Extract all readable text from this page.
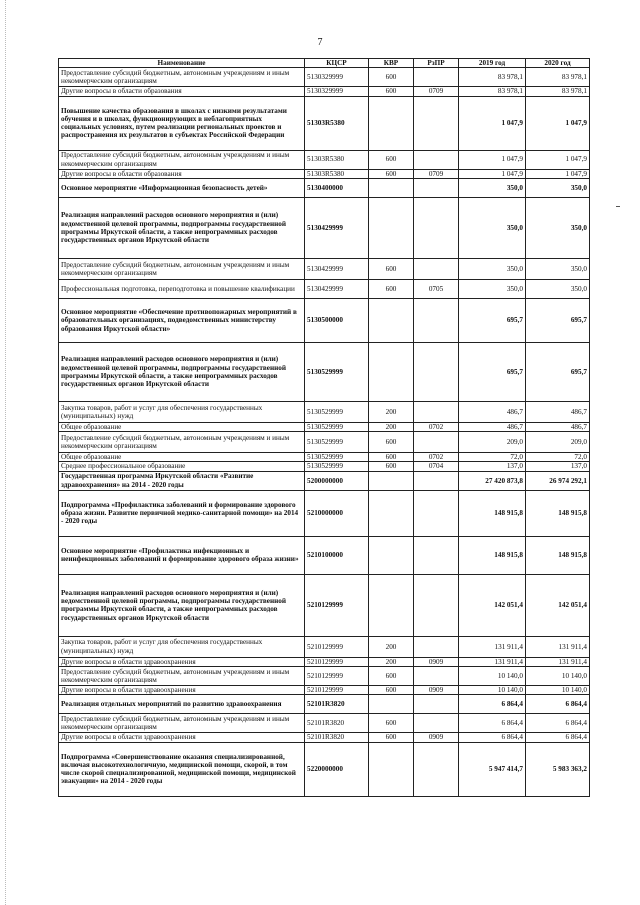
7
Наименование	КЦСР	КВР	РзПР	2019 год	2020 год
Предоставление субсидий бюджетным, автономным учреждениям и иным некоммерческим организациям	5130329999	600		83 978,1	83 978,1
Другие вопросы в области образования	5130329999	600	0709	83 978,1	83 978,1
Повышение качества образования в школах с низкими результатами обучения и в школах, функционирующих в неблагоприятных социальных условиях, путем реализации региональных проектов и распространения их результатов в субъектах Российской Федерации	51303R5380			1 047,9	1 047,9
Предоставление субсидий бюджетным, автономным учреждениям и иным некоммерческим организациям	51303R5380	600		1 047,9	1 047,9
Другие вопросы в области образования	51303R5380	600	0709	1 047,9	1 047,9
Основное мероприятие «Информационная безопасность детей»	5130400000			350,0	350,0
Реализация направлений расходов основного мероприятия и (или) ведомственной целевой программы, подпрограммы государственной программы Иркутской области, а также непрограммных расходов государственных органов Иркутской области	5130429999			350,0	350,0
Предоставление субсидий бюджетным, автономным учреждениям и иным некоммерческим организациям	5130429999	600		350,0	350,0
Профессиональная подготовка, переподготовка и повышение квалификации	5130429999	600	0705	350,0	350,0
Основное мероприятие «Обеспечение противопожарных мероприятий в образовательных организациях, подведомственных министерству образования Иркутской области»	5130500000			695,7	695,7
Реализация направлений расходов основного мероприятия и (или) ведомственной целевой программы, подпрограммы государственной программы Иркутской области, а также непрограммных расходов государственных органов Иркутской области	5130529999			695,7	695,7
Закупка товаров, работ и услуг для обеспечения государственных (муниципальных) нужд	5130529999	200		486,7	486,7
Общее образование	5130529999	200	0702	486,7	486,7
Предоставление субсидий бюджетным, автономным учреждениям и иным некоммерческим организациям	5130529999	600		209,0	209,0
Общее образование	5130529999	600	0702	72,0	72,0
Среднее профессиональное образование	5130529999	600	0704	137,0	137,0
Государственная программа Иркутской области «Развитие здравоохранения» на 2014 - 2020 годы	5200000000			27 420 873,8	26 974 292,1
Подпрограмма «Профилактика заболеваний и формирование здорового образа жизни. Развитие первичной медико-санитарной помощи» на 2014 - 2020 годы	5210000000			148 915,8	148 915,8
Основное мероприятие «Профилактика инфекционных и неинфекционных заболеваний и формирование здорового образа жизни»	5210100000			148 915,8	148 915,8
Реализация направлений расходов основного мероприятия и (или) ведомственной целевой программы, подпрограммы государственной программы Иркутской области, а также непрограммных расходов государственных органов Иркутской области	5210129999			142 051,4	142 051,4
Закупка товаров, работ и услуг для обеспечения государственных (муниципальных) нужд	5210129999	200		131 911,4	131 911,4
Другие вопросы в области здравоохранения	5210129999	200	0909	131 911,4	131 911,4
Предоставление субсидий бюджетным, автономным учреждениям и иным некоммерческим организациям	5210129999	600		10 140,0	10 140,0
Другие вопросы в области здравоохранения	5210129999	600	0909	10 140,0	10 140,0
Реализация отдельных мероприятий по развитию здравоохранения	52101R3820			6 864,4	6 864,4
Предоставление субсидий бюджетным, автономным учреждениям и иным некоммерческим организациям	52101R3820	600		6 864,4	6 864,4
Другие вопросы в области здравоохранения	52101R3820	600	0909	6 864,4	6 864,4
Подпрограмма «Совершенствование оказания специализированной, включая высокотехнологичную, медицинской помощи, скорой, в том числе скорой специализированной, медицинской помощи, медицинской эвакуации» на 2014 - 2020 годы	5220000000			5 947 414,7	5 983 363,2
